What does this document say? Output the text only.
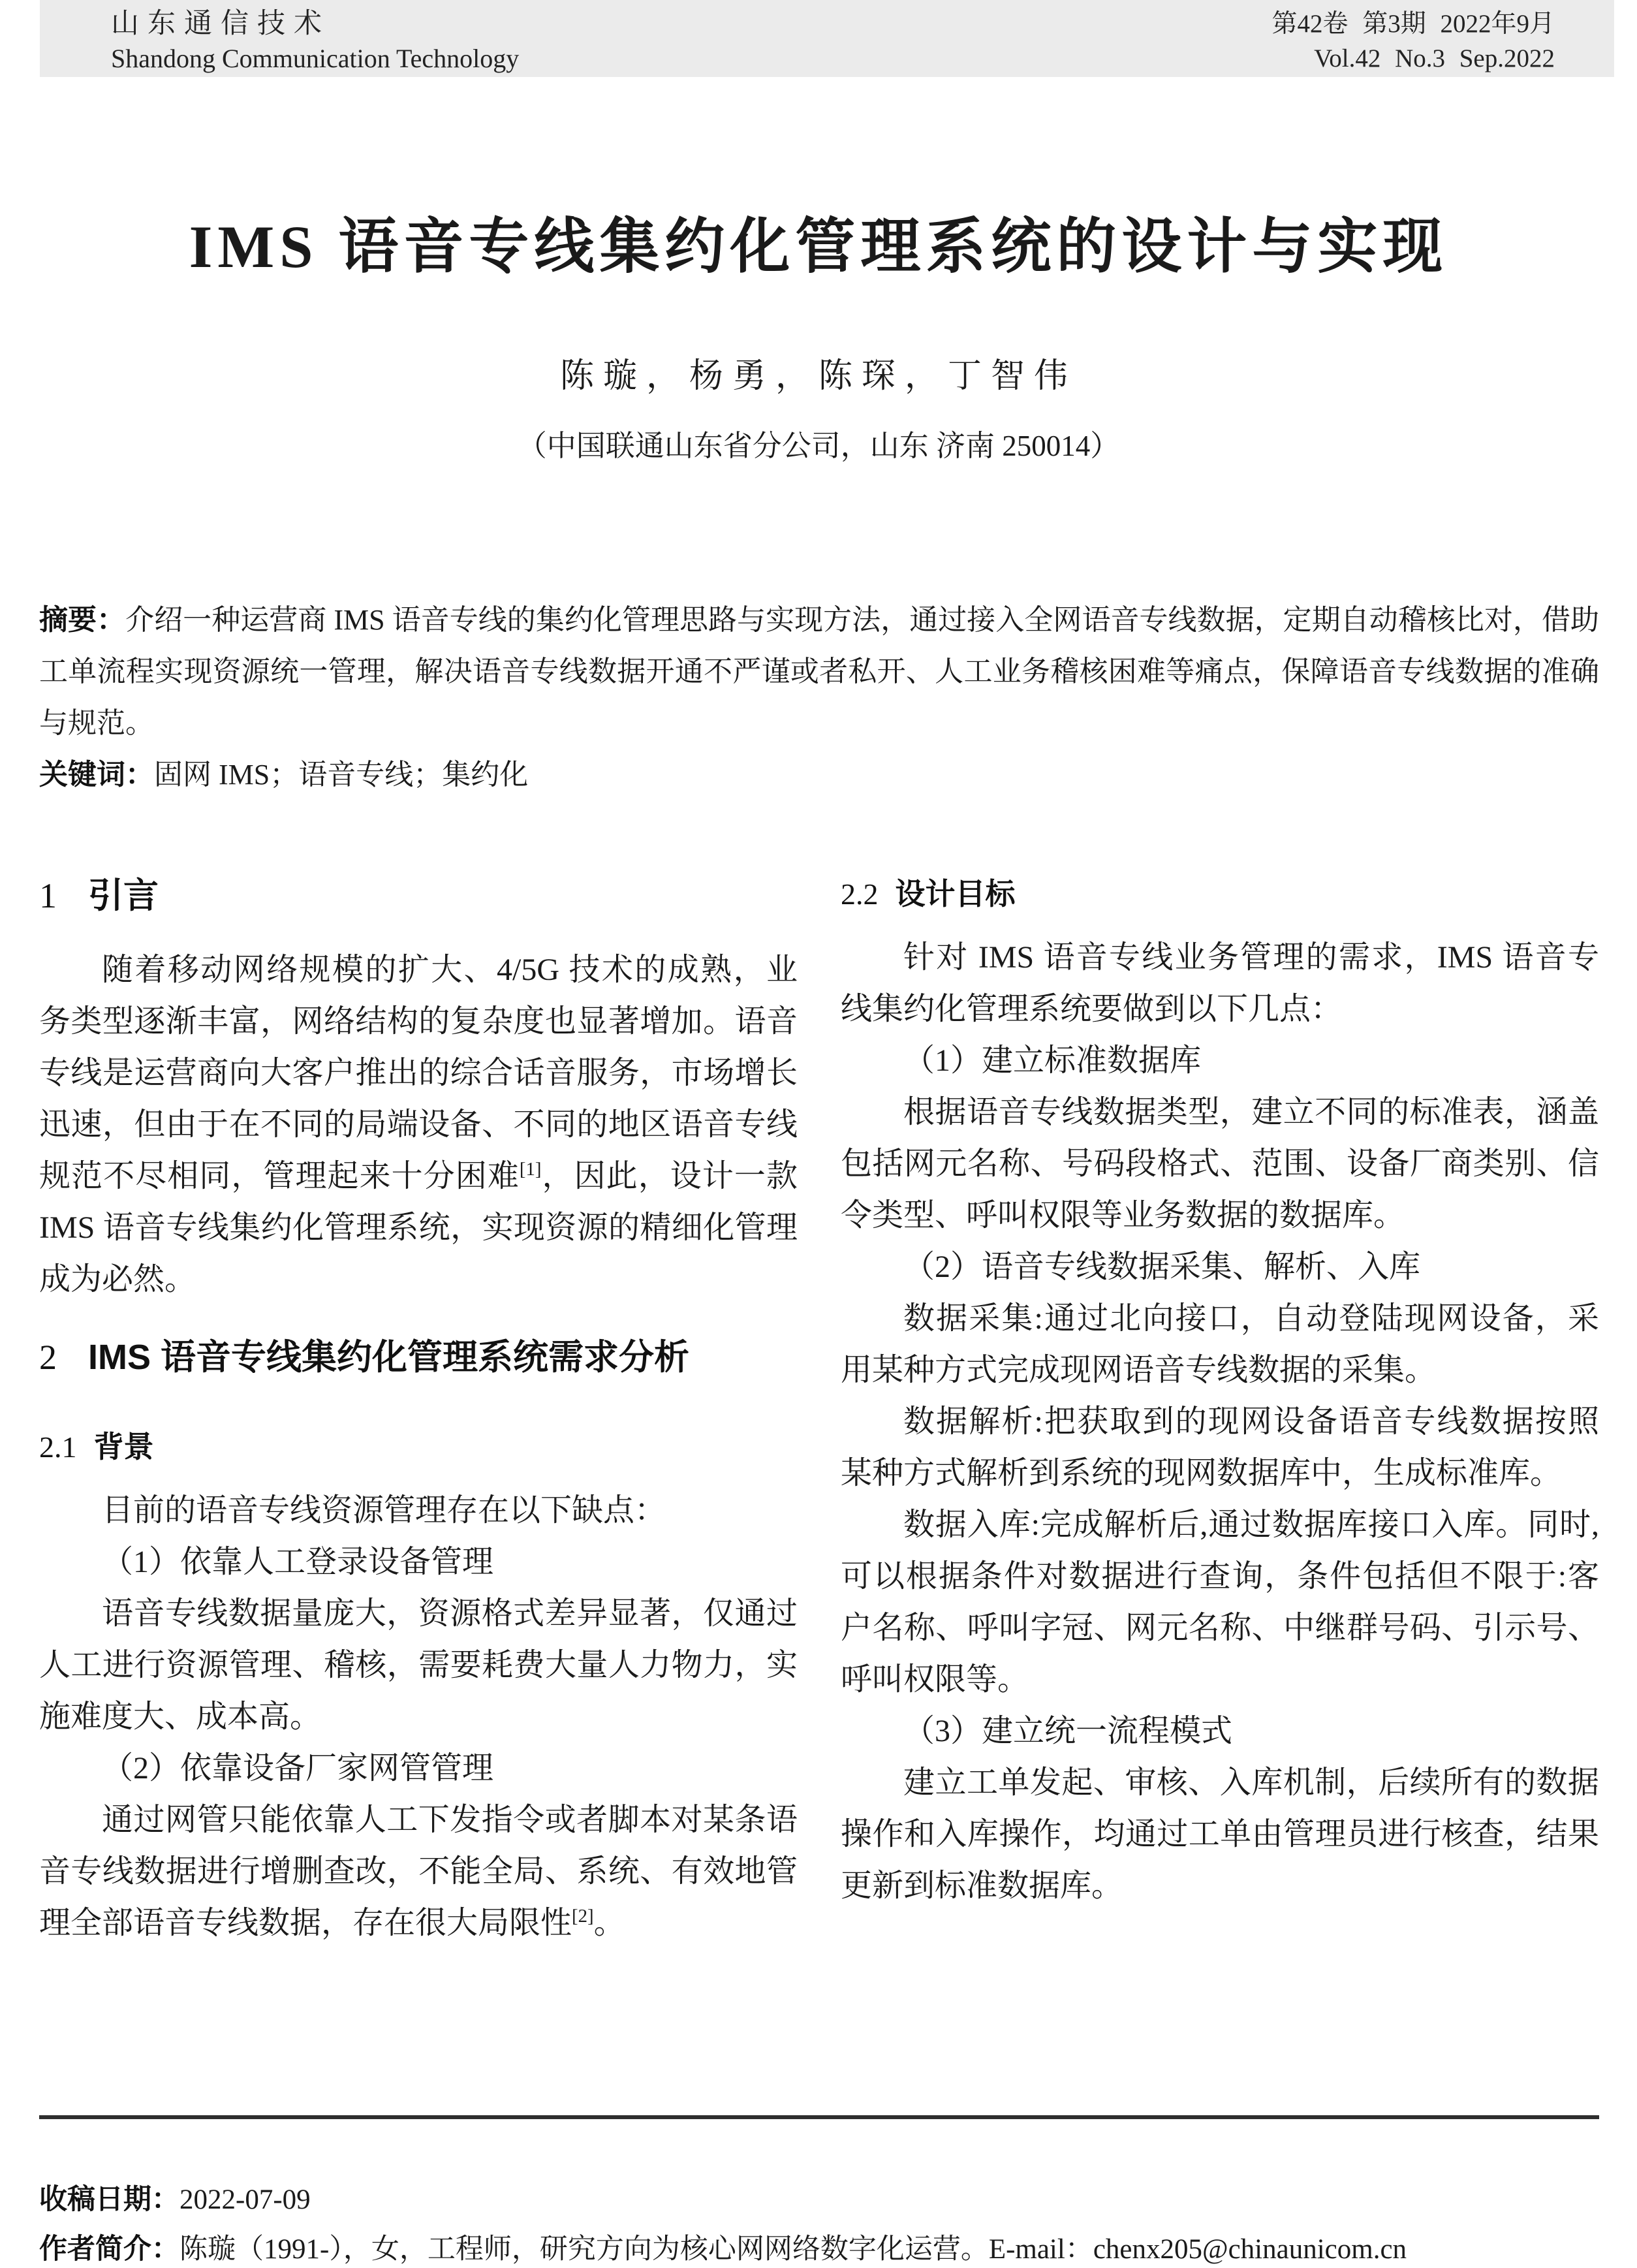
山东通信技术
Shandong Communication Technology
第42卷 第3期 2022年9月
Vol.42 No.3 Sep.2022
IMS 语音专线集约化管理系统的设计与实现
陈璇，杨勇，陈琛，丁智伟
（中国联通山东省分公司，山东 济南 250014）

摘要：介绍一种运营商 IMS 语音专线的集约化管理思路与实现方法，通过接入全网语音专线数据，定期自动稽核比对，借助工单流程实现资源统一管理，解决语音专线数据开通不严谨或者私开、人工业务稽核困难等痛点，保障语音专线数据的准确与规范。

关键词：固网 IMS；语音专线；集约化

1 引言

随着移动网络规模的扩大、4/5G 技术的成熟，业务类型逐渐丰富，网络结构的复杂度也显著增加。语音专线是运营商向大客户推出的综合话音服务，市场增长迅速，但由于在不同的局端设备、不同的地区语音专线规范不尽相同，管理起来十分困难[1]，因此，设计一款 IMS 语音专线集约化管理系统，实现资源的精细化管理成为必然。

2 IMS 语音专线集约化管理系统需求分析
2.1 背景

目前的语音专线资源管理存在以下缺点：

（1）依靠人工登录设备管理

语音专线数据量庞大，资源格式差异显著，仅通过人工进行资源管理、稽核，需要耗费大量人力物力，实施难度大、成本高。

（2）依靠设备厂家网管管理

通过网管只能依靠人工下发指令或者脚本对某条语音专线数据进行增删查改，不能全局、系统、有效地管理全部语音专线数据，存在很大局限性[2]。

2.2 设计目标

针对 IMS 语音专线业务管理的需求，IMS 语音专线集约化管理系统要做到以下几点：

（1）建立标准数据库

根据语音专线数据类型，建立不同的标准表，涵盖包括网元名称、号码段格式、范围、设备厂商类别、信令类型、呼叫权限等业务数据的数据库。

（2）语音专线数据采集、解析、入库

数据采集:通过北向接口，自动登陆现网设备，采用某种方式完成现网语音专线数据的采集。

数据解析:把获取到的现网设备语音专线数据按照某种方式解析到系统的现网数据库中，生成标准库。

数据入库:完成解析后,通过数据库接口入库。同时,可以根据条件对数据进行查询，条件包括但不限于:客户名称、呼叫字冠、网元名称、中继群号码、引示号、呼叫权限等。

（3）建立统一流程模式

建立工单发起、审核、入库机制，后续所有的数据操作和入库操作，均通过工单由管理员进行核查，结果更新到标准数据库。

收稿日期：2022-07-09

作者简介：陈璇（1991-），女，工程师，研究方向为核心网网络数字化运营。E-mail：chenx205@chinaunicom.cn
